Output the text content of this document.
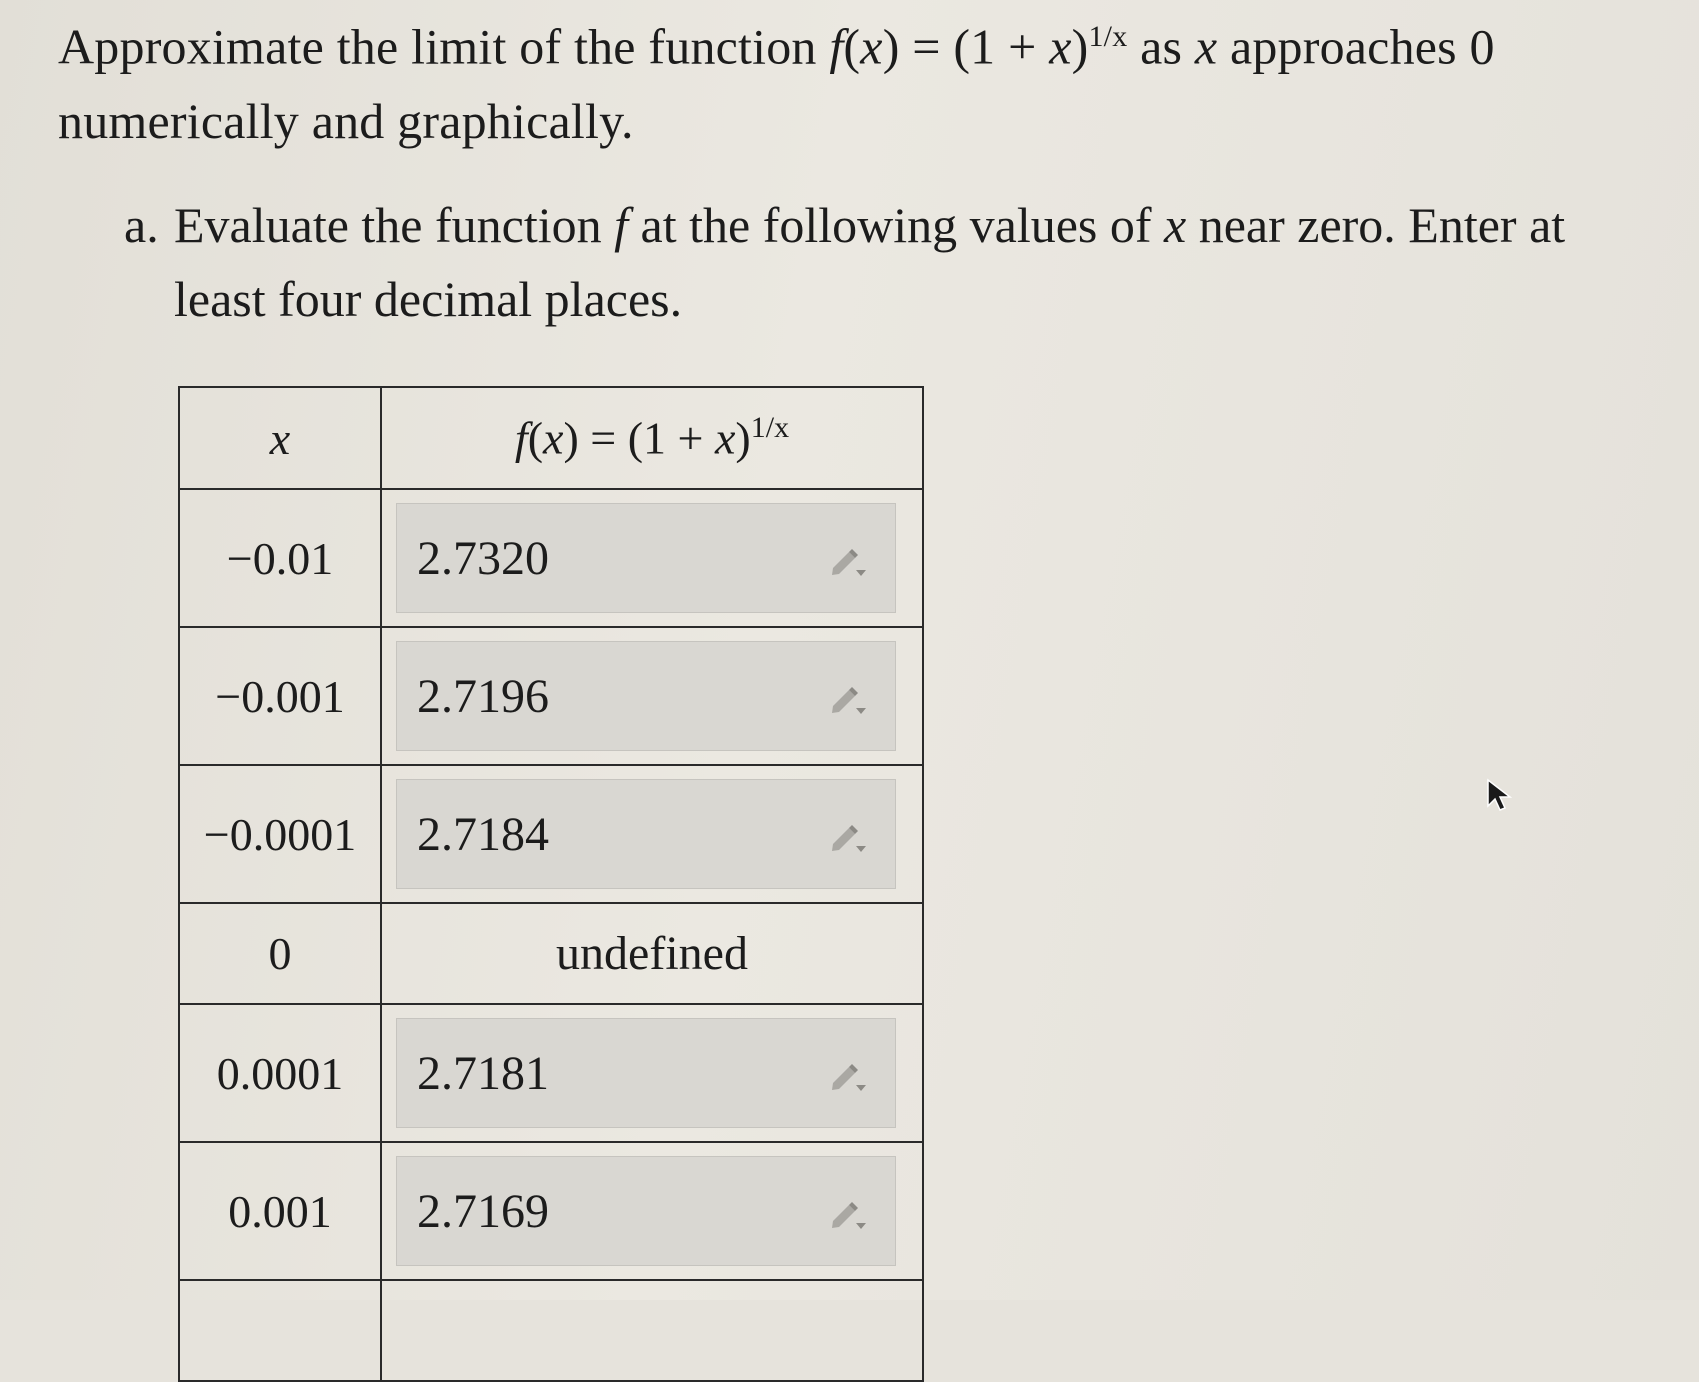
Approximate the limit of the function $f(x) = (1 + x)^{1/x}$ as x approaches 0
numerically and graphically.
a. Evaluate the function f at the following values of x near zero. Enter at least four decimal places.
x	$f(x) = (1 + x)^{1/x}$
−0.01	2.7320

−0.001	2.7196

−0.0001	2.7184

0	undefined
0.0001	2.7181

0.001	2.7169
